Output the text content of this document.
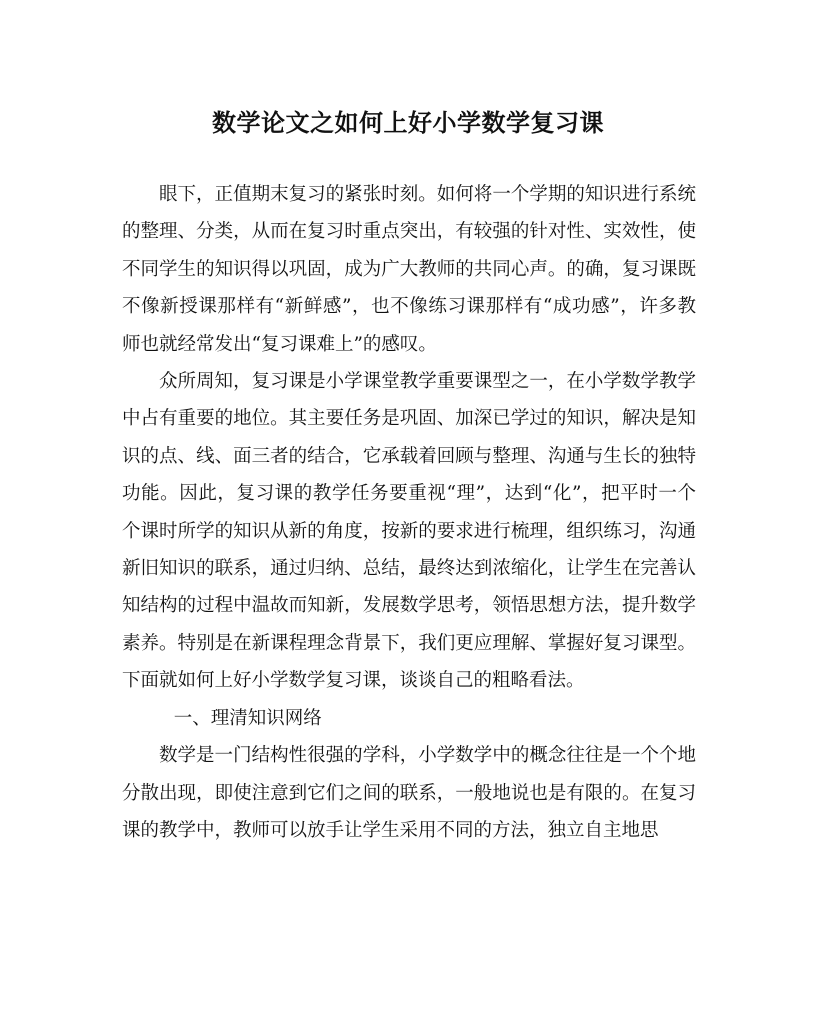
数学论文之如何上好小学数学复习课

眼下，正值期末复习的紧张时刻。如何将一个学期的知识进行系统的整理、分类，从而在复习时重点突出，有较强的针对性、实效性，使不同学生的知识得以巩固，成为广大教师的共同心声。的确，复习课既不像新授课那样有“新鲜感”，也不像练习课那样有“成功感”，许多教师也就经常发出“复习课难上”的感叹。

众所周知，复习课是小学课堂教学重要课型之一，在小学数学教学中占有重要的地位。其主要任务是巩固、加深已学过的知识，解决是知识的点、线、面三者的结合，它承载着回顾与整理、沟通与生长的独特功能。因此，复习课的教学任务要重视“理”，达到“化”，把平时一个个课时所学的知识从新的角度，按新的要求进行梳理，组织练习，沟通新旧知识的联系，通过归纳、总结，最终达到浓缩化，让学生在完善认知结构的过程中温故而知新，发展数学思考，领悟思想方法，提升数学素养。特别是在新课程理念背景下，我们更应理解、掌握好复习课型。下面就如何上好小学数学复习课，谈谈自己的粗略看法。

一、理清知识网络

数学是一门结构性很强的学科，小学数学中的概念往往是一个个地分散出现，即使注意到它们之间的联系，一般地说也是有限的。在复习课的教学中，教师可以放手让学生采用不同的方法，独立自主地思
